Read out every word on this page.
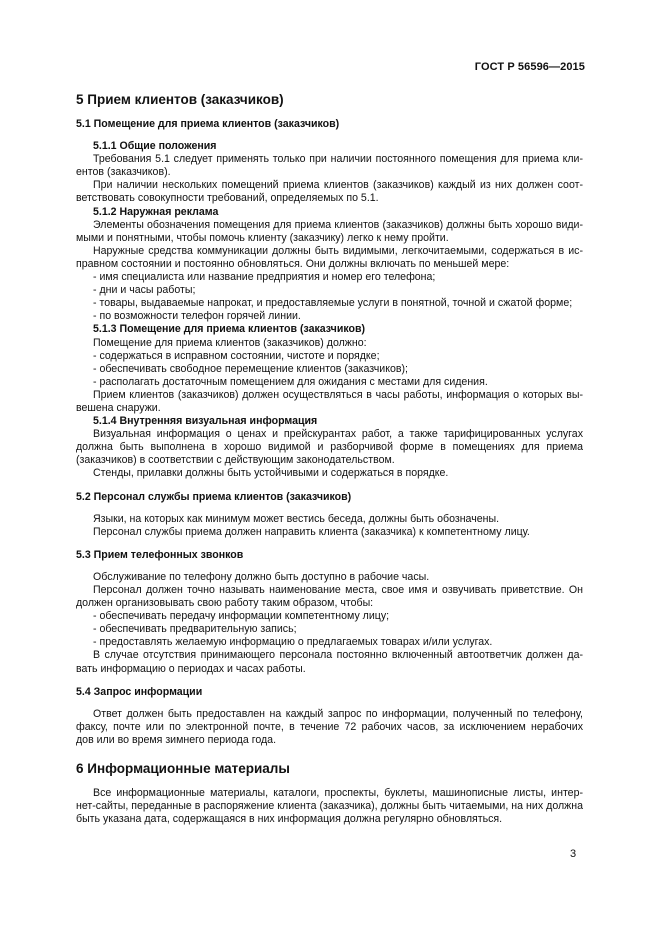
ГОСТ Р 56596—2015
5 Прием клиентов (заказчиков)
5.1 Помещение для приема клиентов (заказчиков)
5.1.1 Общие положения
Требования 5.1 следует применять только при наличии постоянного помещения для приема кли-
ентов (заказчиков).
При наличии нескольких помещений приема клиентов (заказчиков) каждый из них должен соот-
ветствовать совокупности требований, определяемых по 5.1.
5.1.2 Наружная реклама
Элементы обозначения помещения для приема клиентов (заказчиков) должны быть хорошо види-
мыми и понятными, чтобы помочь клиенту (заказчику) легко к нему пройти.
Наружные средства коммуникации должны быть видимыми, легкочитаемыми, содержаться в ис-
правном состоянии и постоянно обновляться. Они должны включать по меньшей мере:
- имя специалиста или название предприятия и номер его телефона;
- дни и часы работы;
- товары, выдаваемые напрокат, и предоставляемые услуги в понятной, точной и сжатой форме;
- по возможности телефон горячей линии.
5.1.3 Помещение для приема клиентов (заказчиков)
Помещение для приема клиентов (заказчиков) должно:
- содержаться в исправном состоянии, чистоте и порядке;
- обеспечивать свободное перемещение клиентов (заказчиков);
- располагать достаточным помещением для ожидания с местами для сидения.
Прием клиентов (заказчиков) должен осуществляться в часы работы, информация о которых вы-
вешена снаружи.
5.1.4 Внутренняя визуальная информация
Визуальная информация о ценах и прейскурантах работ, а также тарифицированных услугах
должна быть выполнена в хорошо видимой и разборчивой форме в помещениях для приема
(заказчиков) в соответствии с действующим законодательством.
Стенды, прилавки должны быть устойчивыми и содержаться в порядке.
5.2 Персонал службы приема клиентов (заказчиков)
Языки, на которых как минимум может вестись беседа, должны быть обозначены.
Персонал службы приема должен направить клиента (заказчика) к компетентному лицу.
5.3 Прием телефонных звонков
Обслуживание по телефону должно быть доступно в рабочие часы.
Персонал должен точно называть наименование места, свое имя и озвучивать приветствие. Он
должен организовывать свою работу таким образом, чтобы:
- обеспечивать передачу информации компетентному лицу;
- обеспечивать предварительную запись;
- предоставлять желаемую информацию о предлагаемых товарах и/или услугах.
В случае отсутствия принимающего персонала постоянно включенный автоответчик должен да-
вать информацию о периодах и часах работы.
5.4 Запрос информации
Ответ должен быть предоставлен на каждый запрос по информации, полученный по телефону,
факсу, почте или по электронной почте, в течение 72 рабочих часов, за исключением нерабочих
дов или во время зимнего периода года.
6 Информационные материалы
Все информационные материалы, каталоги, проспекты, буклеты, машинописные листы, интер-
нет-сайты, переданные в распоряжение клиента (заказчика), должны быть читаемыми, на них должна
быть указана дата, содержащаяся в них информация должна регулярно обновляться.
3
